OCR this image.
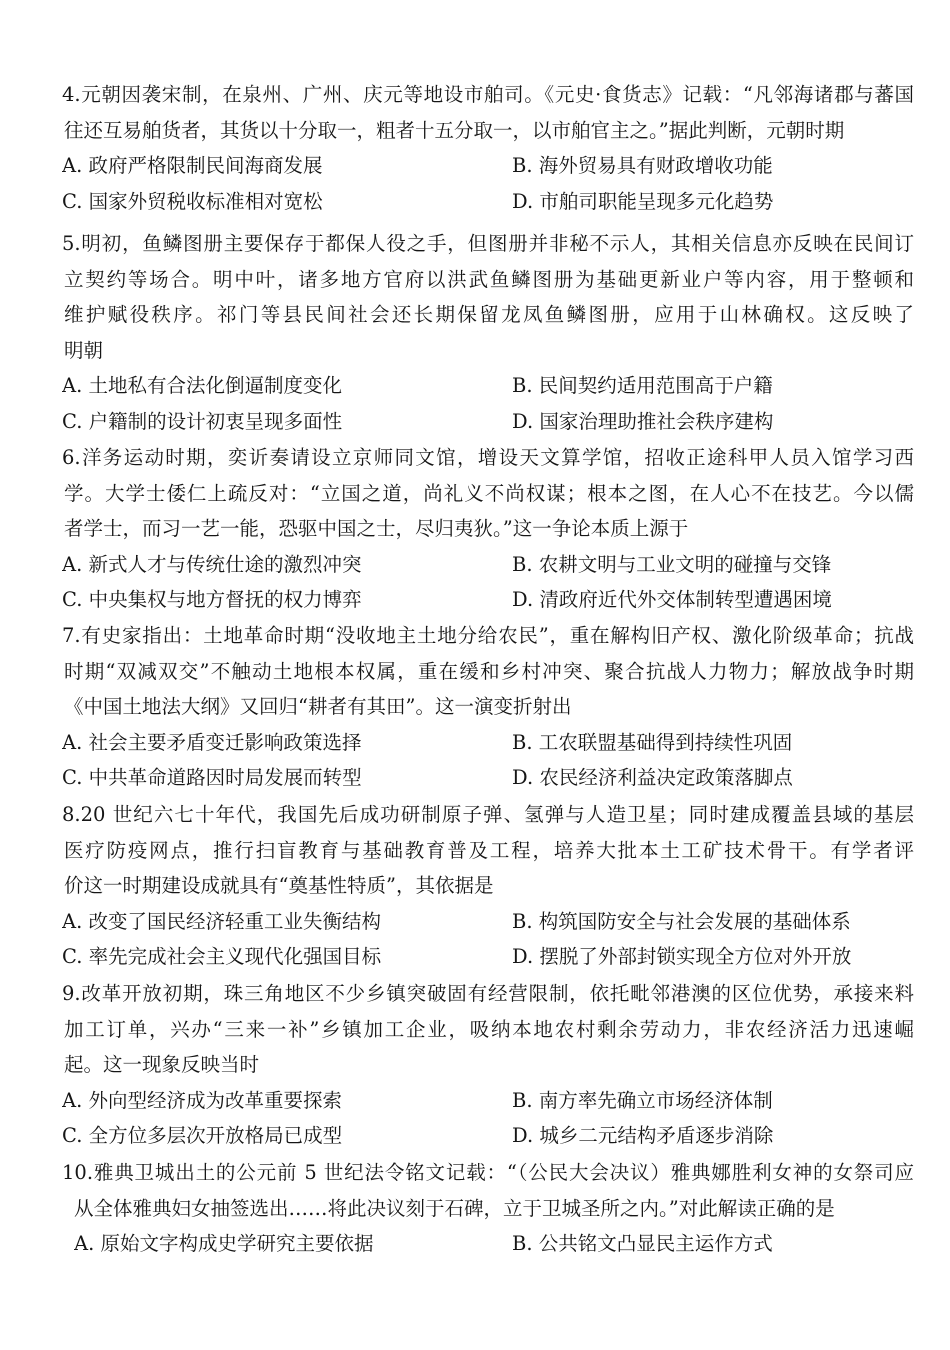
4.元朝因袭宋制，在泉州、广州、庆元等地设市舶司。《元史·食货志》记载：“凡邻海诸郡与蕃国
往还互易舶货者，其货以十分取一，粗者十五分取一，以市舶官主之。”据此判断，元朝时期
A. 政府严格限制民间海商发展	B. 海外贸易具有财政增收功能
C. 国家外贸税收标准相对宽松	D. 市舶司职能呈现多元化趋势
5.明初，鱼鳞图册主要保存于都保人役之手，但图册并非秘不示人，其相关信息亦反映在民间订
立契约等场合。明中叶，诸多地方官府以洪武鱼鳞图册为基础更新业户等内容，用于整顿和
维护赋役秩序。祁门等县民间社会还长期保留龙凤鱼鳞图册，应用于山林确权。这反映了
明朝
A. 土地私有合法化倒逼制度变化	B. 民间契约适用范围高于户籍
C. 户籍制的设计初衷呈现多面性	D. 国家治理助推社会秩序建构
6.洋务运动时期，奕䜣奏请设立京师同文馆，增设天文算学馆，招收正途科甲人员入馆学习西
学。大学士倭仁上疏反对：“立国之道，尚礼义不尚权谋；根本之图，在人心不在技艺。今以儒
者学士，而习一艺一能，恐驱中国之士，尽归夷狄。”这一争论本质上源于
A. 新式人才与传统仕途的激烈冲突	B. 农耕文明与工业文明的碰撞与交锋
C. 中央集权与地方督抚的权力博弈	D. 清政府近代外交体制转型遭遇困境
7.有史家指出：土地革命时期“没收地主土地分给农民”，重在解构旧产权、激化阶级革命；抗战
时期“双减双交”不触动土地根本权属，重在缓和乡村冲突、聚合抗战人力物力；解放战争时期
《中国土地法大纲》又回归“耕者有其田”。这一演变折射出
A. 社会主要矛盾变迁影响政策选择	B. 工农联盟基础得到持续性巩固
C. 中共革命道路因时局发展而转型	D. 农民经济利益决定政策落脚点
8.20 世纪六七十年代，我国先后成功研制原子弹、氢弹与人造卫星；同时建成覆盖县域的基层
医疗防疫网点，推行扫盲教育与基础教育普及工程，培养大批本土工矿技术骨干。有学者评
价这一时期建设成就具有“奠基性特质”，其依据是
A. 改变了国民经济轻重工业失衡结构	B. 构筑国防安全与社会发展的基础体系
C. 率先完成社会主义现代化强国目标	D. 摆脱了外部封锁实现全方位对外开放
9.改革开放初期，珠三角地区不少乡镇突破固有经营限制，依托毗邻港澳的区位优势，承接来料
加工订单，兴办“三来一补”乡镇加工企业，吸纳本地农村剩余劳动力，非农经济活力迅速崛
起。这一现象反映当时
A. 外向型经济成为改革重要探索	B. 南方率先确立市场经济体制
C. 全方位多层次开放格局已成型	D. 城乡二元结构矛盾逐步消除
10.雅典卫城出土的公元前 5 世纪法令铭文记载：“（公民大会决议）雅典娜胜利女神的女祭司应
从全体雅典妇女抽签选出……将此决议刻于石碑，立于卫城圣所之内。”对此解读正确的是
A. 原始文字构成史学研究主要依据	B. 公共铭文凸显民主运作方式
